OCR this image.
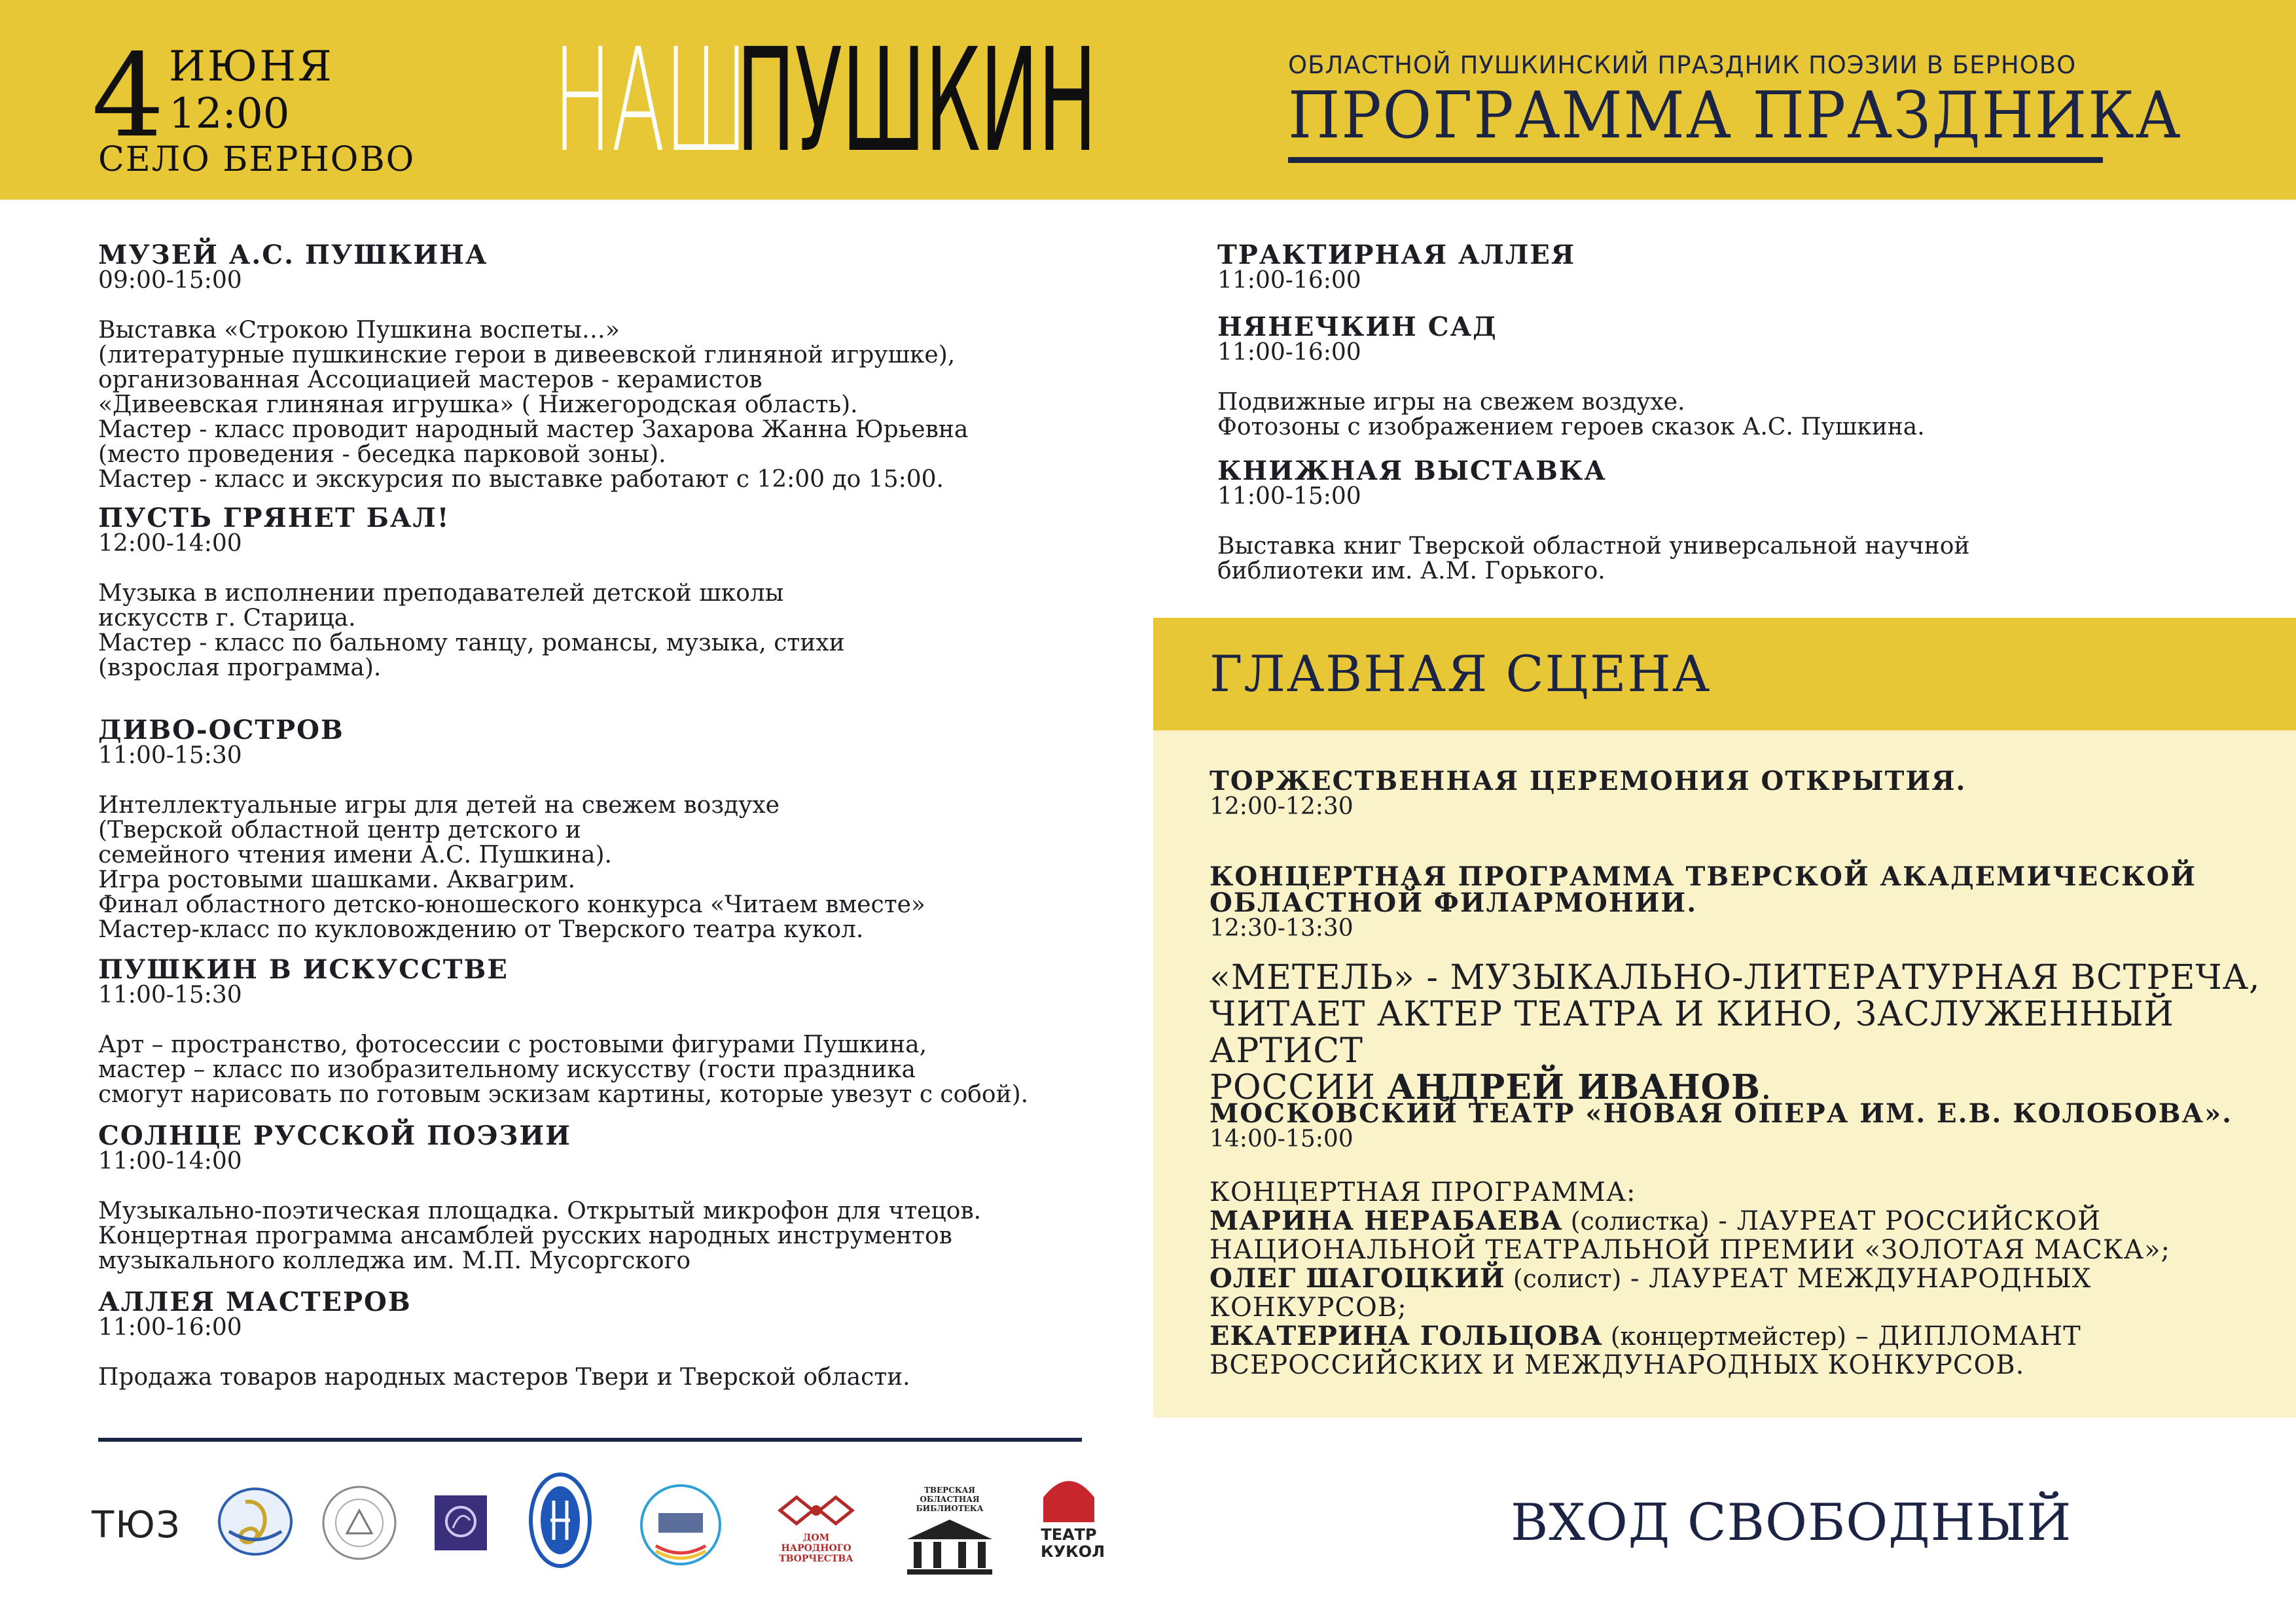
4 ИЮНЯ
12:00
СЕЛО БЕРНОВО НАШ
ПУШКИН	ОБЛАСТНОЙ ПУШКИНСКИЙ ПРАЗДНИК ПОЭЗИИ В БЕРНОВО
ПРОГРАММА ПРАЗДНИКА
МУЗЕЙ А.С. ПУШКИНА
09:00-15:00
Выставка «Строкою Пушкина воспеты…»
(литературные пушкинские герои в дивеевской глиняной игрушке),
организованная Ассоциацией мастеров - керамистов
«Дивеевская глиняная игрушка» ( Нижегородская область).
Мастер - класс проводит народный мастер Захарова Жанна Юрьевна
(место проведения - беседка парковой зоны).
Мастер - класс и экскурсия по выставке работают с 12:00 до 15:00.
ПУСТЬ ГРЯНЕТ БАЛ!
12:00-14:00
Музыка в исполнении преподавателей детской школы
искусств г. Старица.
Мастер - класс по бальному танцу, романсы, музыка, стихи
(взрослая программа).
ДИВО-ОСТРОВ
11:00-15:30
Интеллектуальные игры для детей на свежем воздухе
(Тверской областной центр детского и
семейного чтения имени А.С. Пушкина).
Игра ростовыми шашками. Аквагрим.
Финал областного детско-юношеского конкурса «Читаем вместе»
Мастер-класс по кукловождению от Тверского театра кукол.
ПУШКИН В ИСКУССТВЕ
11:00-15:30
Арт – пространство, фотосессии с ростовыми фигурами Пушкина,
мастер – класс по изобразительному искусству (гости праздника
смогут нарисовать по готовым эскизам картины, которые увезут с собой).
СОЛНЦЕ РУССКОЙ ПОЭЗИИ
11:00-14:00
Музыкально-поэтическая площадка. Открытый микрофон для чтецов.
Концертная программа ансамблей русских народных инструментов
музыкального колледжа им. М.П. Мусоргского
АЛЛЕЯ МАСТЕРОВ
11:00-16:00
Продажа товаров народных мастеров Твери и Тверской области.
ТРАКТИРНАЯ АЛЛЕЯ
11:00-16:00
НЯНЕЧКИН САД
11:00-16:00
Подвижные игры на свежем воздухе.
Фотозоны с изображением героев сказок А.С. Пушкина.
КНИЖНАЯ ВЫСТАВКА
11:00-15:00
Выставка книг Тверской областной универсальной научной
библиотеки им. А.М. Горького.
ГЛАВНАЯ СЦЕНА
ТОРЖЕСТВЕННАЯ ЦЕРЕМОНИЯ ОТКРЫТИЯ.
12:00-12:30
КОНЦЕРТНАЯ ПРОГРАММА ТВЕРСКОЙ АКАДЕМИЧЕСКОЙ
ОБЛАСТНОЙ ФИЛАРМОНИИ.
12:30-13:30
«МЕТЕЛЬ» - МУЗЫКАЛЬНО-ЛИТЕРАТУРНАЯ ВСТРЕЧА,
ЧИТАЕТ АКТЕР ТЕАТРА И КИНО, ЗАСЛУЖЕННЫЙ АРТИСТ
РОССИИ АНДРЕЙ ИВАНОВ.
МОСКОВСКИЙ ТЕАТР «НОВАЯ ОПЕРА ИМ. Е.В. КОЛОБОВА».
14:00-15:00
КОНЦЕРТНАЯ ПРОГРАММА:
МАРИНА НЕРАБАЕВА (солистка) - ЛАУРЕАТ РОССИЙСКОЙ
НАЦИОНАЛЬНОЙ ТЕАТРАЛЬНОЙ ПРЕМИИ «ЗОЛОТАЯ МАСКА»;
ОЛЕГ ШАГОЦКИЙ (солист) - ЛАУРЕАТ МЕЖДУНАРОДНЫХ КОНКУРСОВ;
ЕКАТЕРИНА ГОЛЬЦОВА (концертмейстер) – ДИПЛОМАНТ
ВСЕРОССИЙСКИХ И МЕЖДУНАРОДНЫХ КОНКУРСОВ.
ВХОД СВОБОДНЫЙ
ТЮЗ	ДОМ НАРОДНОГО ТВОРЧЕСТВА
ТВЕРСКАЯ ОБЛАСТНАЯ БИБЛИОТЕКА
ТЕАТР
КУКОЛ
